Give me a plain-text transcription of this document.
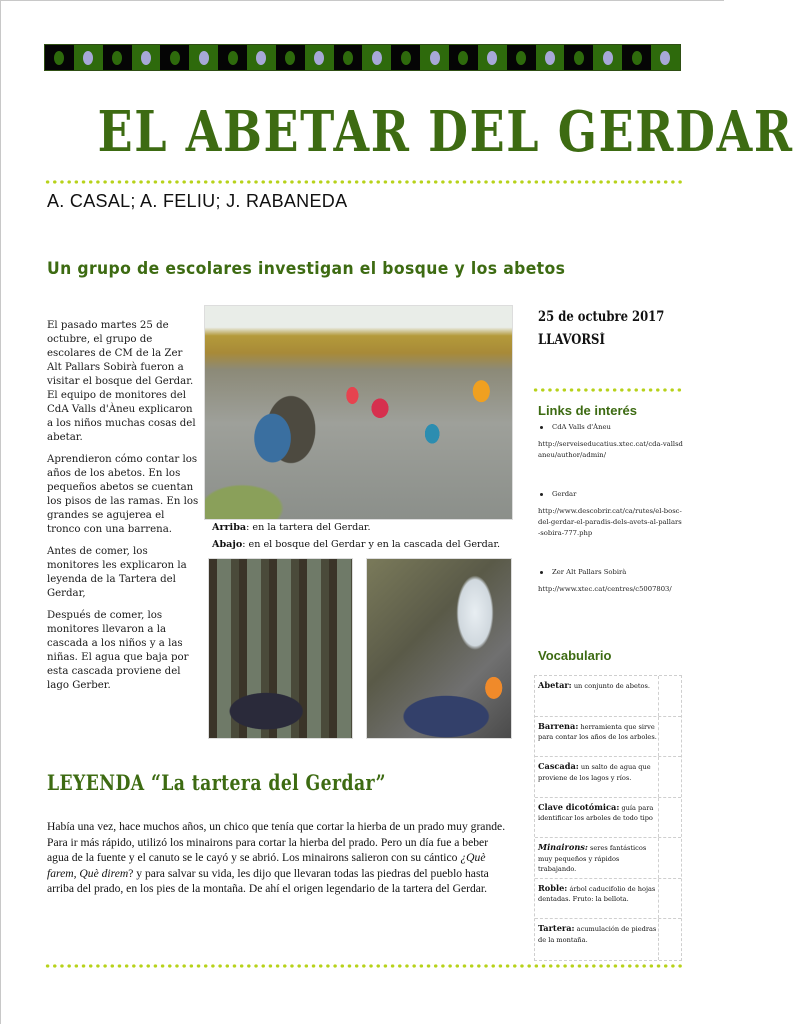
EL ABETAR DEL GERDAR
A. CASAL; A. FELIU; J. RABANEDA
Un grupo de escolares investigan el bosque y los abetos

El pasado martes 25 de octubre, el grupo de escolares de CM de la Zer Alt Pallars Sobirà fueron a visitar el bosque del Gerdar. El equipo de monitores del CdA Valls d'Àneu explicaron a los niños muchas cosas del abetar.

Aprendieron cómo contar los años de los abetos. En los pequeños abetos se cuentan los pisos de las ramas. En los grandes se agujerea el tronco con una barrena.

Antes de comer, los monitores les explicaron la leyenda de la Tartera del Gerdar,

Después de comer, los monitores llevaron a la cascada a los niños y a las niñas. El agua que baja por esta cascada proviene del lago Gerber.

Arriba: en la tartera del Gerdar.
Abajo: en el bosque del Gerdar y en la cascada del Gerdar.
25 de octubre 2017
LLAVORSÍ
Links de interés
CdA Valls d'Àneu
http://serveiseducatius.xtec.cat/cda-vallsdaneu/author/admin/
Gerdar
http://www.descobrir.cat/ca/rutes/el-bosc-del-gerdar-el-paradis-dels-avets-al-pallars-sobira-777.php
Zer Alt Pallars Sobirà
http://www.xtec.cat/centres/c5007803/
Vocabulario
Abetar: un conjunto de abetos.
Barrena: herramienta que sirve para contar los años de los arboles.
Cascada: un salto de agua que proviene de los lagos y ríos.
Clave dicotómica: guía para identificar los arboles de todo tipo
Minairons: seres fantásticos muy pequeños y rápidos trabajando.
Roble: árbol caducifolio de hojas dentadas. Fruto: la bellota.
Tartera: acumulación de piedras de la montaña.
LEYENDA “La tartera del Gerdar”

Había una vez, hace muchos años, un chico que tenía que cortar la hierba de un prado muy grande. Para ir más rápido, utilizó los minairons para cortar la hierba del prado. Pero un día fue a beber agua de la fuente y el canuto se le cayó y se abrió. Los minairons salieron con su cántico ¿Què farem, Què direm? y para salvar su vida, les dijo que llevaran todas las piedras del pueblo hasta arriba del prado, en los pies de la montaña. De ahí el origen legendario de la tartera del Gerdar.
